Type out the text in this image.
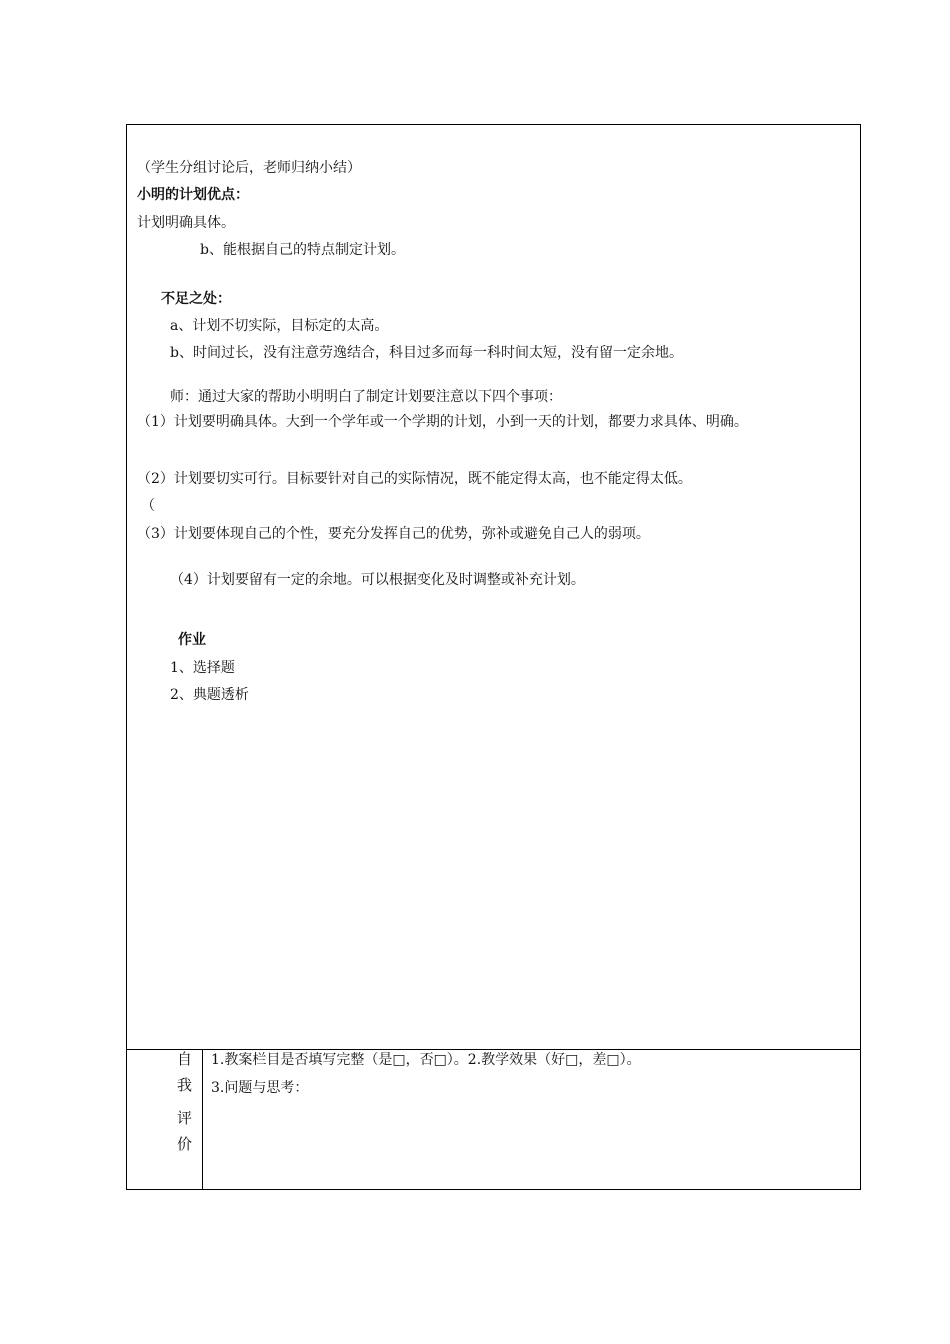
（学生分组讨论后，老师归纳小结）
小明的计划优点：
计划明确具体。
b、能根据自己的特点制定计划。
不足之处：
a、计划不切实际，目标定的太高。
b、时间过长，没有注意劳逸结合，科目过多而每一科时间太短，没有留一定余地。
师：通过大家的帮助小明明白了制定计划要注意以下四个事项：
（1）计划要明确具体。大到一个学年或一个学期的计划，小到一天的计划，都要力求具体、明确。
（2）计划要切实可行。目标要针对自己的实际情况，既不能定得太高，也不能定得太低。
（
（3）计划要体现自己的个性，要充分发挥自己的优势，弥补或避免自己人的弱项。
（4）计划要留有一定的余地。可以根据变化及时调整或补充计划。
作业
1、选择题
2、典题透析
自
我
评
价
1.教案栏目是否填写完整（是□，否□）。2.教学效果（好□，差□）。
3.问题与思考：
